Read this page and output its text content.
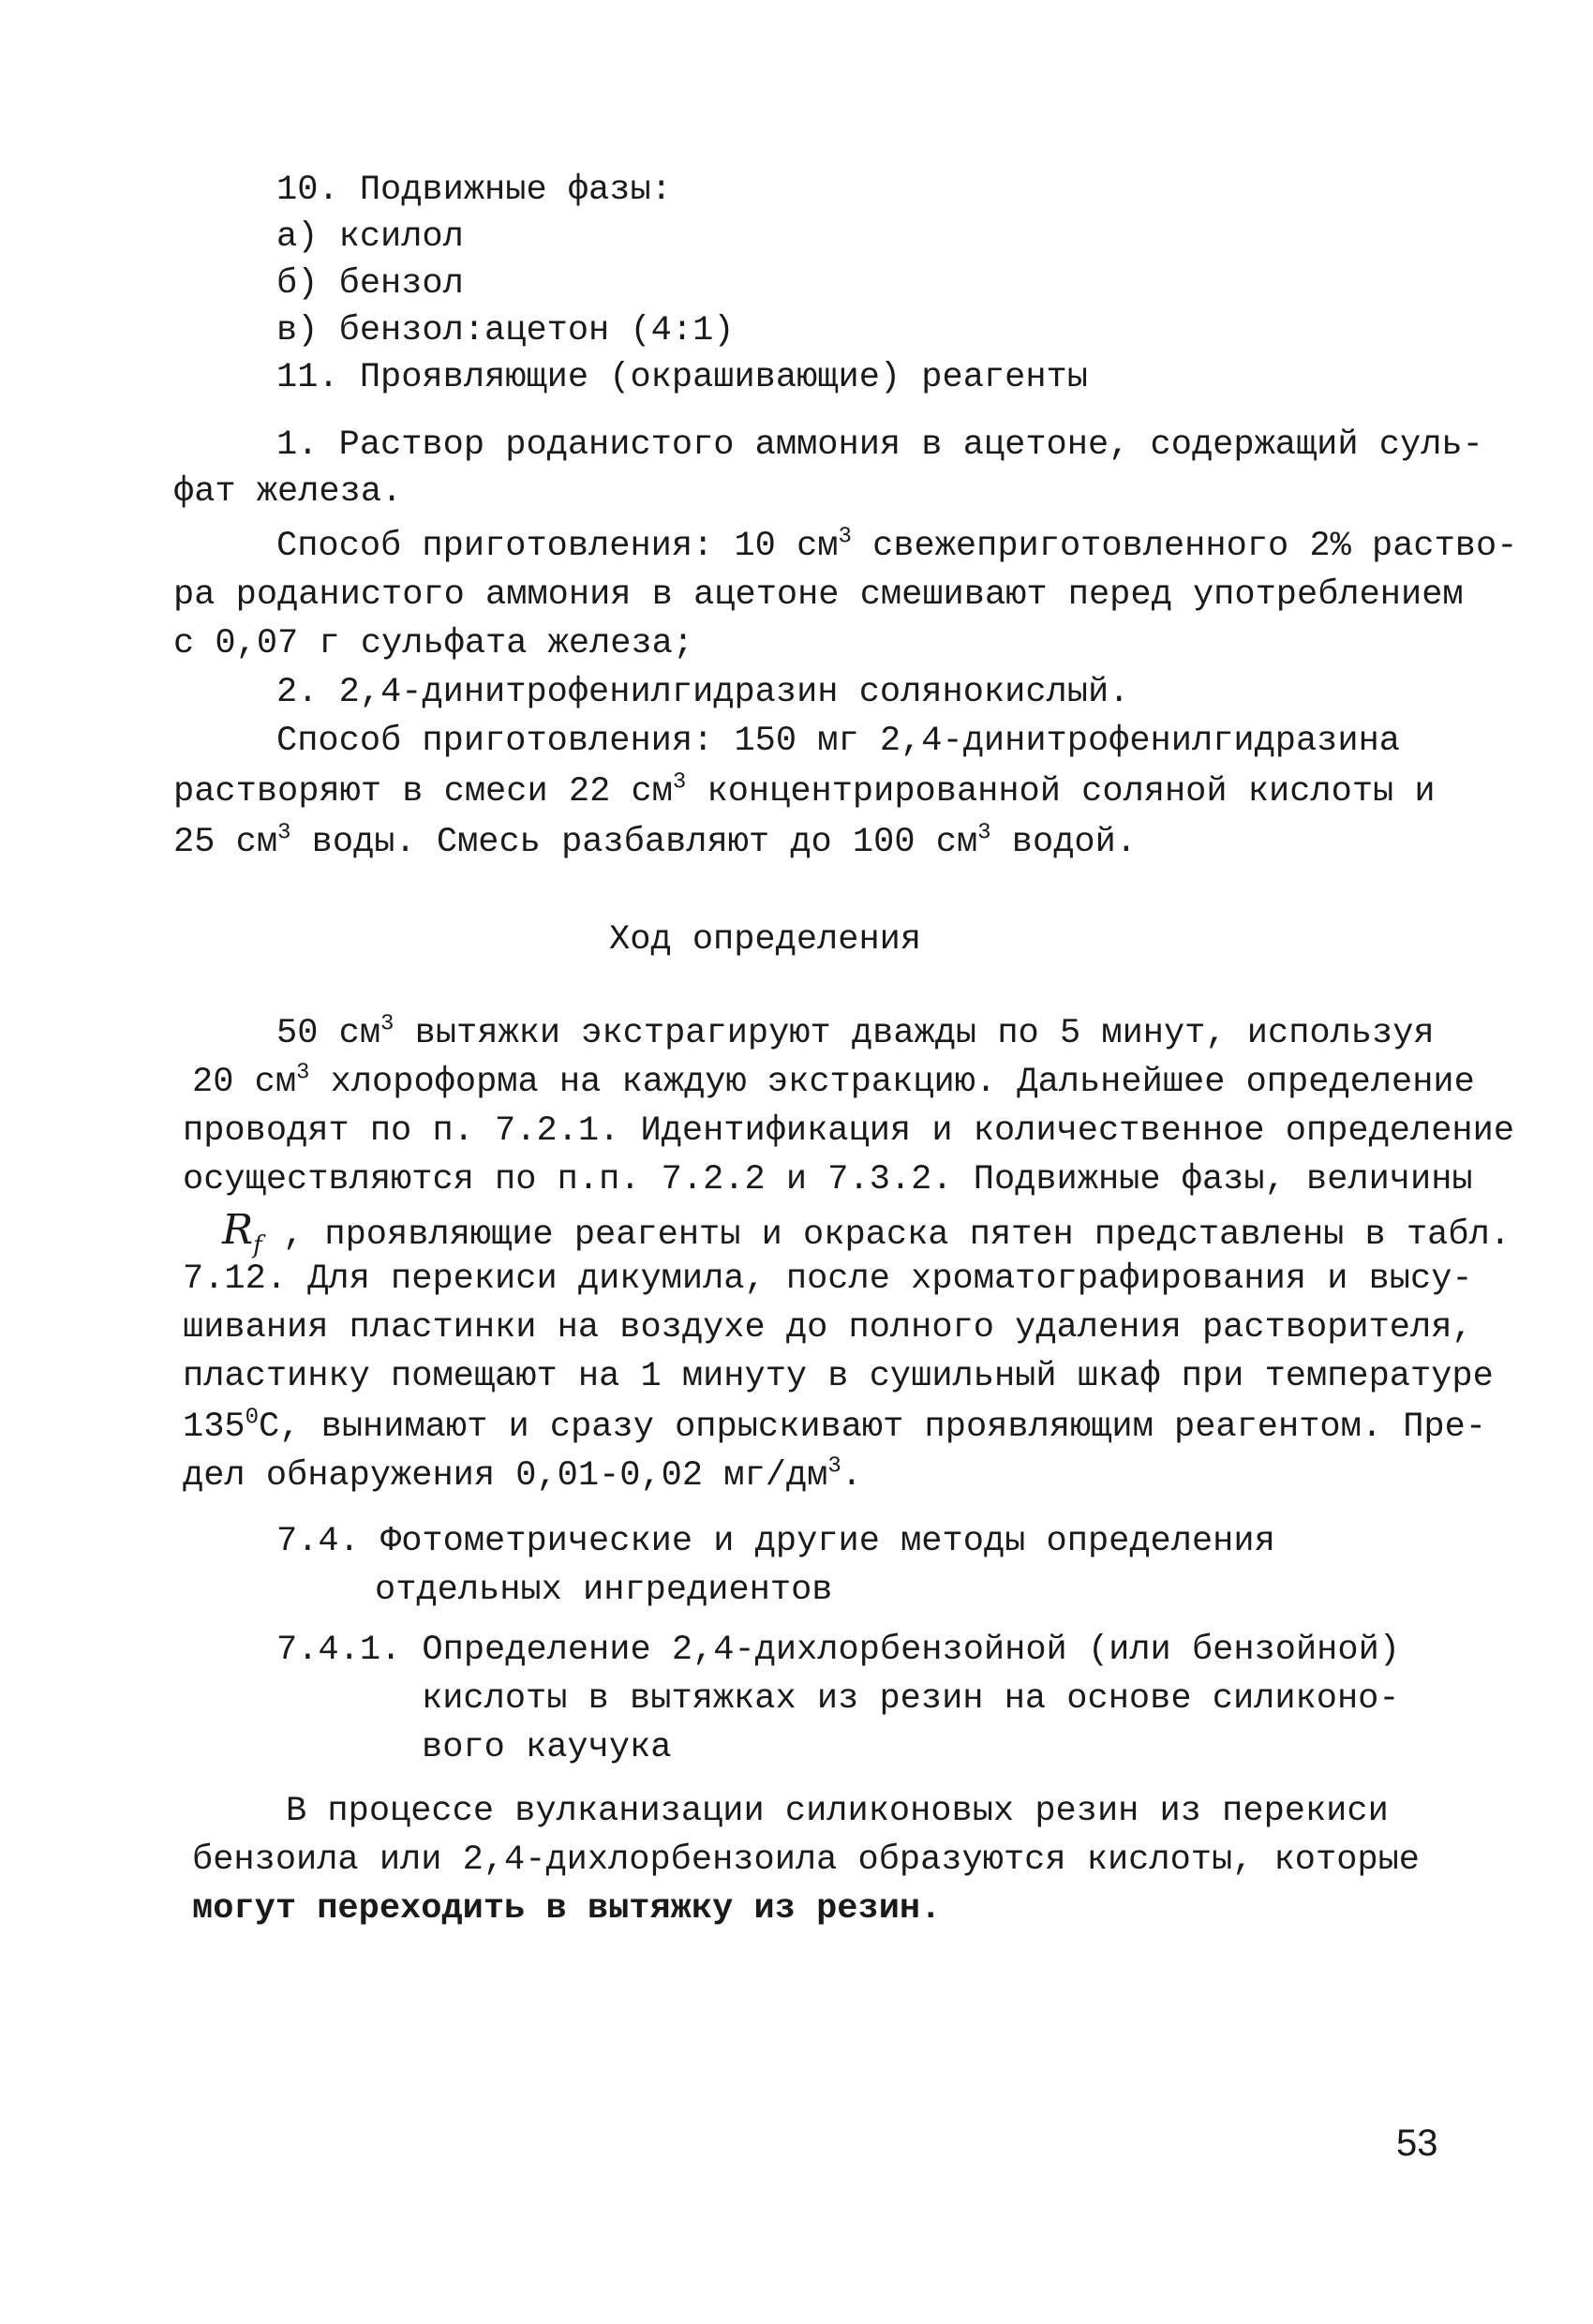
10. Подвижные фазы:
а) ксилол
б) бензол
в) бензол:ацетон (4:1)
11. Проявляющие (окрашивающие) реагенты
1. Раствор роданистого аммония в ацетоне, содержащий суль-
фат железа.
Способ приготовления: 10 $см^3$ свежеприготовленного 2% раство-
ра роданистого аммония в ацетоне смешивают перед употреблением
с 0,07 г сульфата железа;
2. 2,4-динитрофенилгидразин солянокислый.
Способ приготовления: 150 мг 2,4-динитрофенилгидразина
растворяют в смеси 22 $см^3$ концентрированной соляной кислоты и
25 $см^3$ воды. Смесь разбавляют до 100 $см^3$ водой.
Ход определения
50 $см^3$ вытяжки экстрагируют дважды по 5 минут, используя
20 $см^3$ хлороформа на каждую экстракцию. Дальнейшее определение
проводят по п. 7.2.1. Идентификация и количественное определение
осуществляются по п.п. 7.2.2 и 7.3.2. Подвижные фазы, величины
$R_f$ , проявляющие реагенты и окраска пятен представлены в табл.
7.12. Для перекиси дикумила, после хроматографирования и высу-
шивания пластинки на воздухе до полного удаления растворителя,
пластинку помещают на 1 минуту в сушильный шкаф при температуре
$135^0С$, вынимают и сразу опрыскивают проявляющим реагентом. Пре-
дел обнаружения 0,01-0,02 $мг/дм^3$.
7.4. Фотометрические и другие методы определения
отдельных ингредиентов
7.4.1. Определение 2,4-дихлорбензойной (или бензойной)
кислоты в вытяжках из резин на основе силиконо-
вого каучука
В процессе вулканизации силиконовых резин из перекиси
бензоила или 2,4-дихлорбензоила образуются кислоты, которые
могут переходить в вытяжку из резин.
53
